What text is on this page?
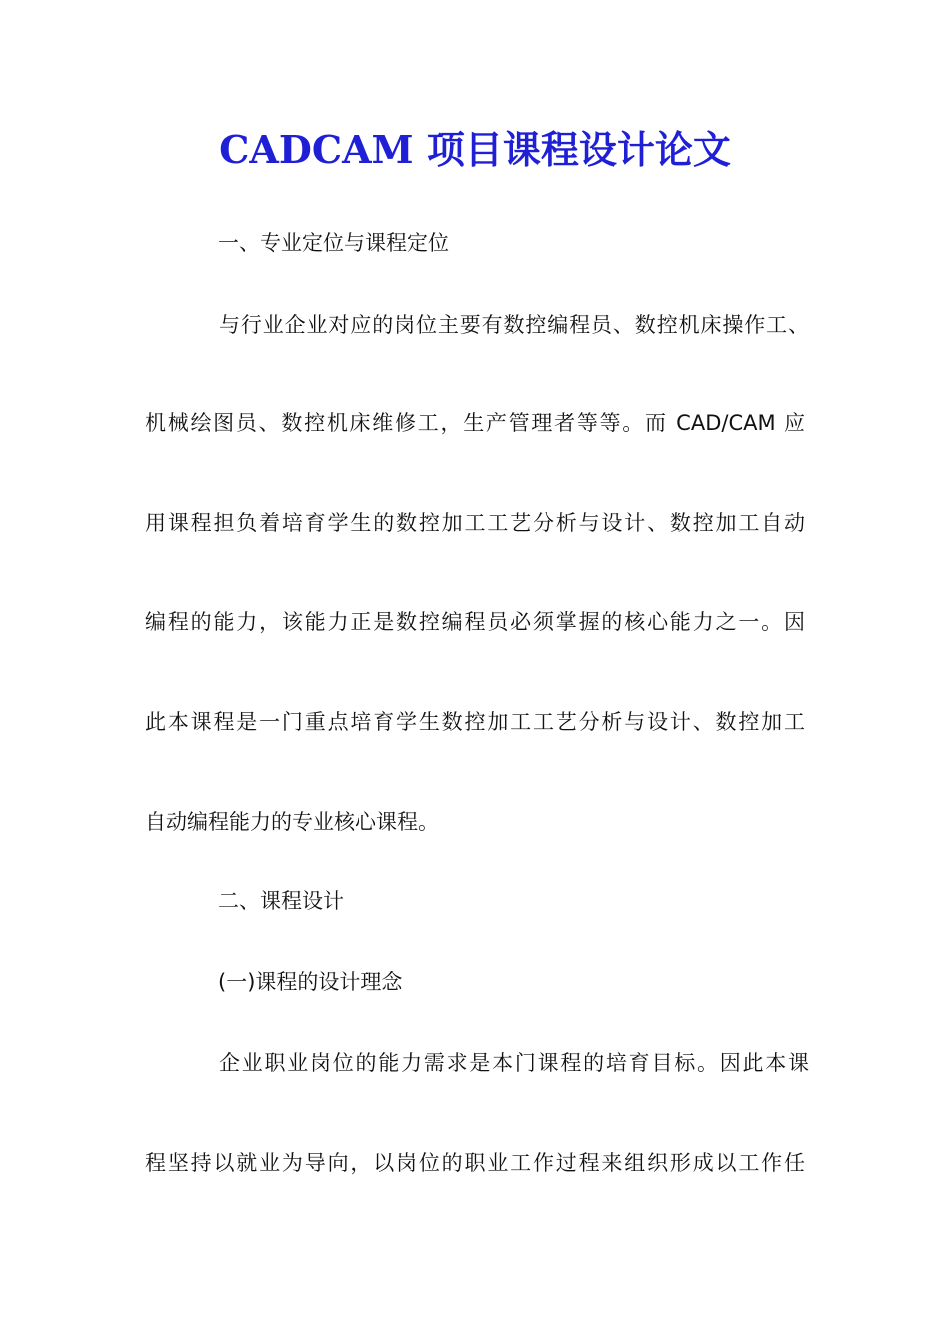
CADCAM 项目课程设计论文
一、专业定位与课程定位
与行业企业对应的岗位主要有数控编程员、数控机床操作工、
机械绘图员、数控机床维修工，生产管理者等等。而 CAD/CAM 应
用课程担负着培育学生的数控加工工艺分析与设计、数控加工自动
编程的能力，该能力正是数控编程员必须掌握的核心能力之一。因
此本课程是一门重点培育学生数控加工工艺分析与设计、数控加工
自动编程能力的专业核心课程。
二、课程设计
(一)课程的设计理念
企业职业岗位的能力需求是本门课程的培育目标。因此本课
程坚持以就业为导向，以岗位的职业工作过程来组织形成以工作任
